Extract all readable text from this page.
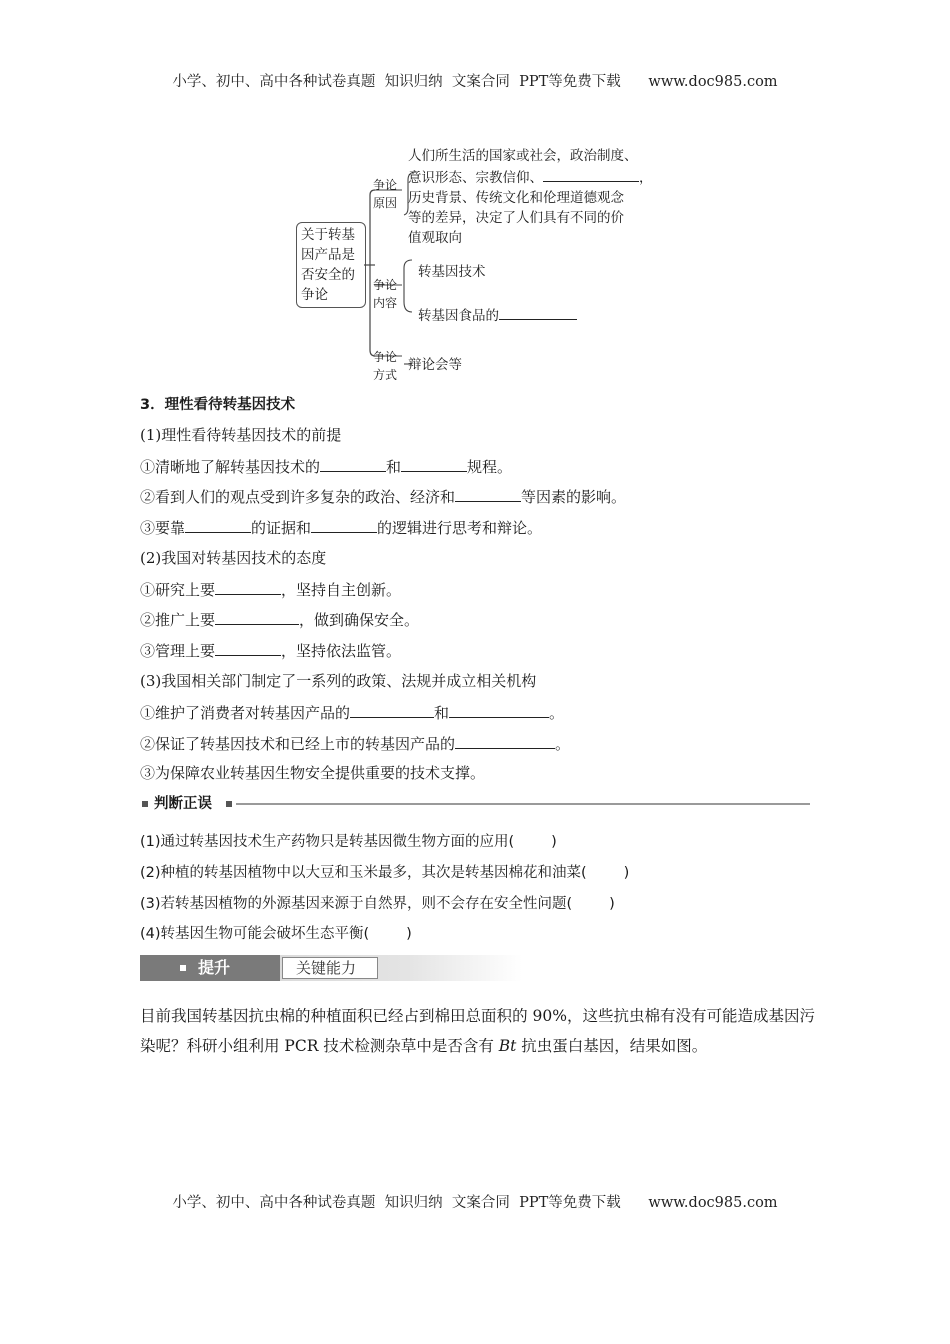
小学、初中、高中各种试卷真题  知识归纳  文案合同  PPT等免费下载      www.doc985.com
关于转基
因产品是
否安全的
争论
争论
原因
人们所生活的国家或社会，政治制度、
意识形态、宗教信仰、	，
历史背景、传统文化和伦理道德观念
等的差异，决定了人们具有不同的价
值观取向
争论
内容
转基因技术
转基因食品的
争论
方式
辩论会等
3．理性看待转基因技术
(1)理性看待转基因技术的前提
①清晰地了解转基因技术的	和	规程。
②看到人们的观点受到许多复杂的政治、经济和	等因素的影响。
③要靠	的证据和	的逻辑进行思考和辩论。
(2)我国对转基因技术的态度
①研究上要	，坚持自主创新。
②推广上要	，做到确保安全。
③管理上要	，坚持依法监管。
(3)我国相关部门制定了一系列的政策、法规并成立相关机构
①维护了消费者对转基因产品的	和	。
②保证了转基因技术和已经上市的转基因产品的	。
③为保障农业转基因生物安全提供重要的技术支撑。
判断正误
(1)通过转基因技术生产药物只是转基因微生物方面的应用(        )
(2)种植的转基因植物中以大豆和玉米最多，其次是转基因棉花和油菜(        )
(3)若转基因植物的外源基因来源于自然界，则不会存在安全性问题(        )
(4)转基因生物可能会破坏生态平衡(        )
提升	关键能力
目前我国转基因抗虫棉的种植面积已经占到棉田总面积的 90%，这些抗虫棉有没有可能造成基因污染呢？科研小组利用 PCR 技术检测杂草中是否含有 Bt 抗虫蛋白基因，结果如图。
小学、初中、高中各种试卷真题  知识归纳  文案合同  PPT等免费下载      www.doc985.com
